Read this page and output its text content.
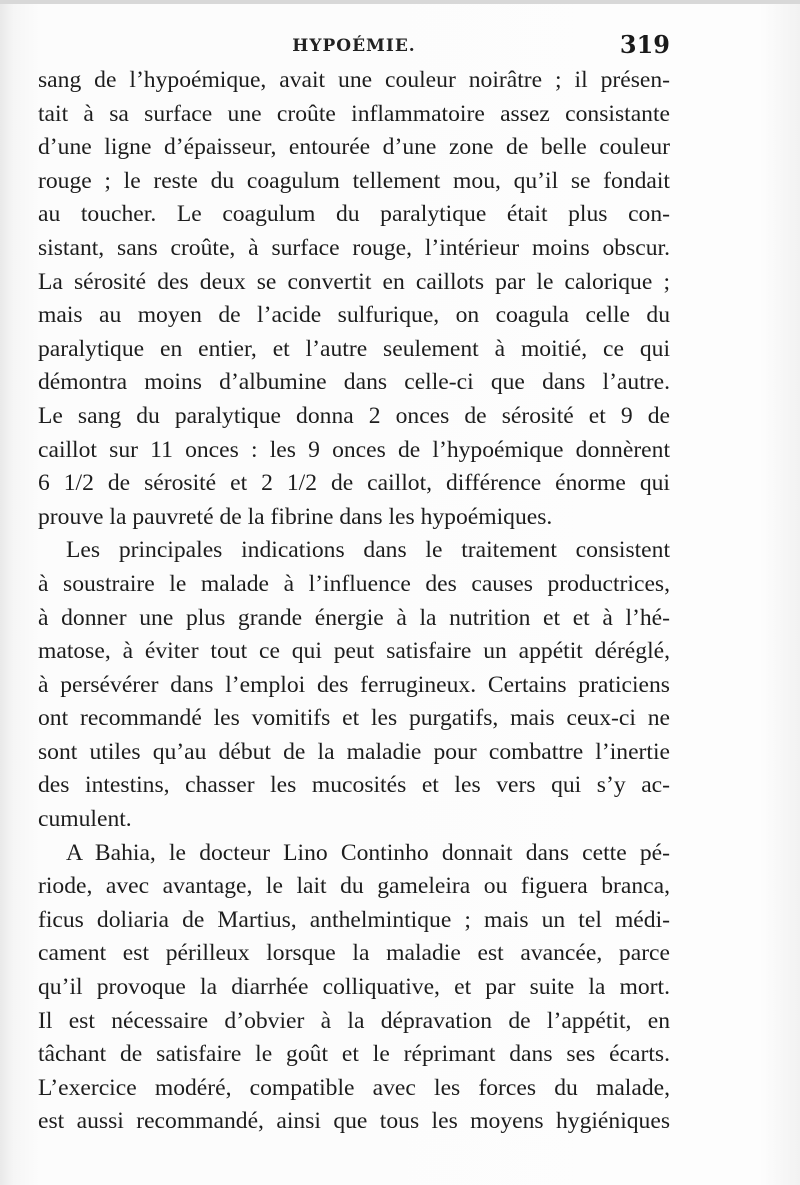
HYPOÉMIE.	319
sang de l’hypoémique, avait une couleur noirâtre ; il présen-
tait à sa surface une croûte inflammatoire assez consistante
d’une ligne d’épaisseur, entourée d’une zone de belle couleur
rouge ; le reste du coagulum tellement mou, qu’il se fondait
au toucher. Le coagulum du paralytique était plus con-
sistant, sans croûte, à surface rouge, l’intérieur moins obscur.
La sérosité des deux se convertit en caillots par le calorique ;
mais au moyen de l’acide sulfurique, on coagula celle du
paralytique en entier, et l’autre seulement à moitié, ce qui
démontra moins d’albumine dans celle-ci que dans l’autre.
Le sang du paralytique donna 2 onces de sérosité et 9 de
caillot sur 11 onces : les 9 onces de l’hypoémique donnèrent
6 1/2 de sérosité et 2 1/2 de caillot, différence énorme qui
prouve la pauvreté de la fibrine dans les hypoémiques.
Les principales indications dans le traitement consistent
à soustraire le malade à l’influence des causes productrices,
à donner une plus grande énergie à la nutrition et et à l’hé-
matose, à éviter tout ce qui peut satisfaire un appétit déréglé,
à persévérer dans l’emploi des ferrugineux. Certains praticiens
ont recommandé les vomitifs et les purgatifs, mais ceux-ci ne
sont utiles qu’au début de la maladie pour combattre l’inertie
des intestins, chasser les mucosités et les vers qui s’y ac-
cumulent.
A Bahia, le docteur Lino Continho donnait dans cette pé-
riode, avec avantage, le lait du gameleira ou figuera branca,
ficus doliaria de Martius, anthelmintique ; mais un tel médi-
cament est périlleux lorsque la maladie est avancée, parce
qu’il provoque la diarrhée colliquative, et par suite la mort.
Il est nécessaire d’obvier à la dépravation de l’appétit, en
tâchant de satisfaire le goût et le réprimant dans ses écarts.
L’exercice modéré, compatible avec les forces du malade,
est aussi recommandé, ainsi que tous les moyens hygiéniques
